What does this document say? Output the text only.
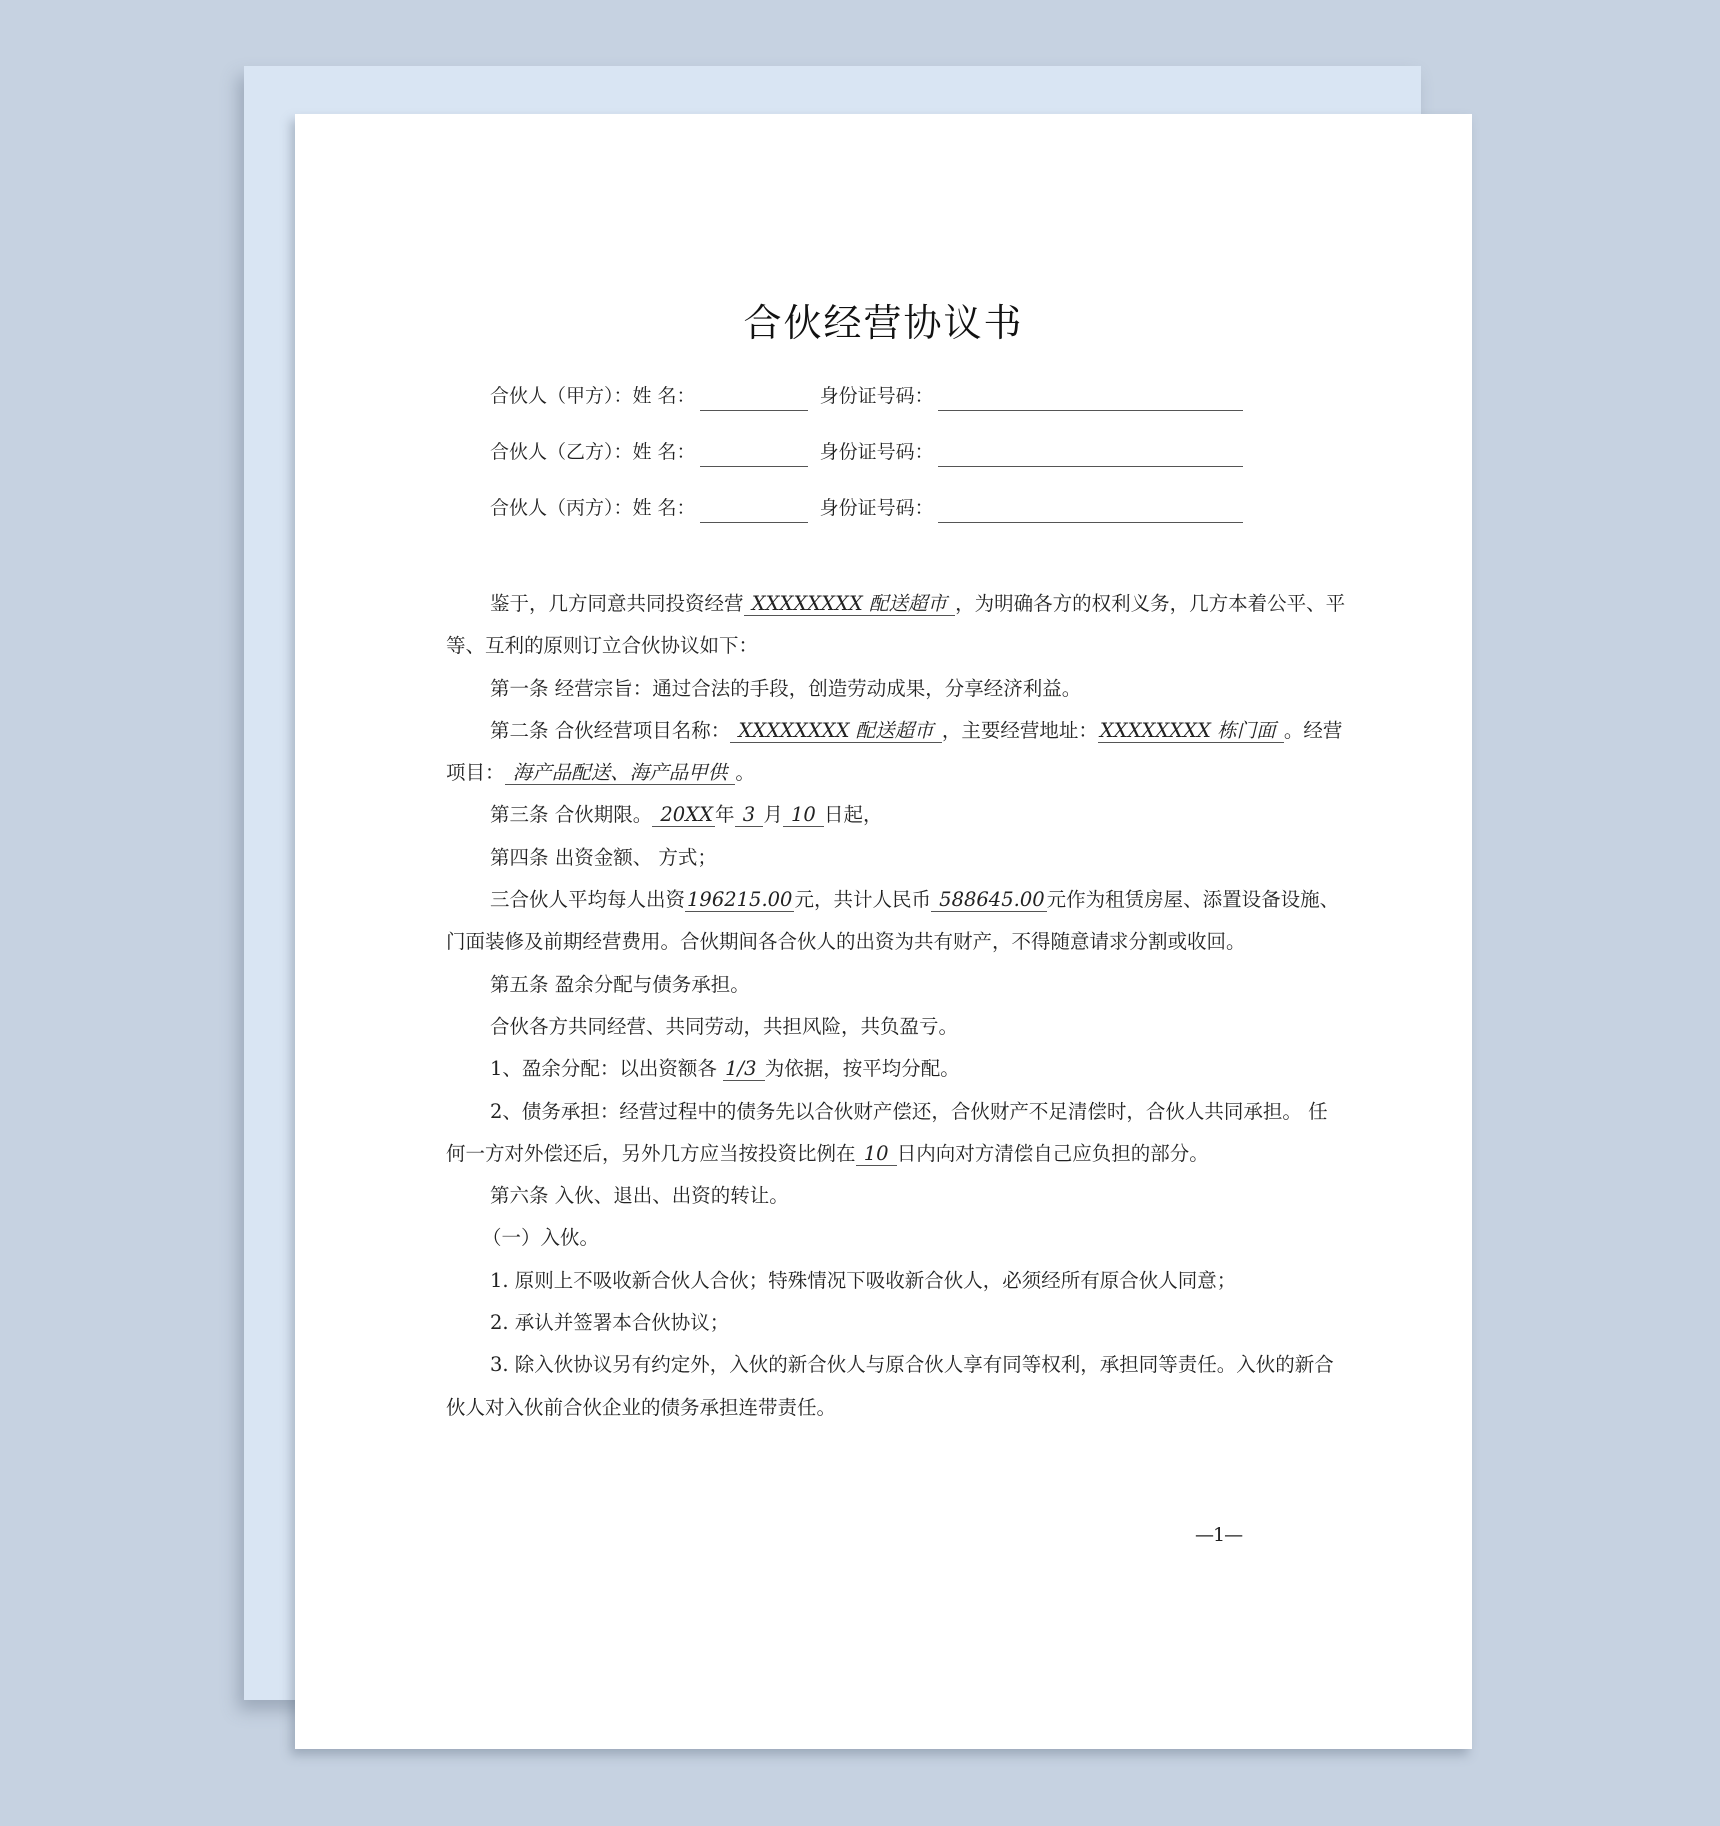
合伙经营协议书
合伙人（甲方）：姓 名：	身份证号码：
合伙人（乙方）：姓 名：	身份证号码：
合伙人（丙方）：姓 名：	身份证号码：

鉴于，几方同意共同投资经营 XXXXXXXX 配送超市 ，为明确各方的权利义务，几方本着公平、平等、互利的原则订立合伙协议如下：

第一条 经营宗旨：通过合法的手段，创造劳动成果，分享经济利益。

第二条 合伙经营项目名称： XXXXXXXX 配送超市 ，主要经营地址： XXXXXXXX 栋门面 。经营项目： 海产品配送、海产品甲供 。

第三条 合伙期限。 20XX 年 3 月 10 日起，

第四条 出资金额、 方式；

三合伙人平均每人出资 196215.00 元，共计人民币 588645.00 元作为租赁房屋、添置设备设施、门面装修及前期经营费用。合伙期间各合伙人的出资为共有财产，不得随意请求分割或收回。

第五条 盈余分配与债务承担。

合伙各方共同经营、共同劳动，共担风险，共负盈亏。

1、盈余分配：以出资额各 1/3 为依据，按平均分配。

2、债务承担：经营过程中的债务先以合伙财产偿还，合伙财产不足清偿时，合伙人共同承担。 任何一方对外偿还后，另外几方应当按投资比例在 10 日内向对方清偿自己应负担的部分。

第六条 入伙、退出、出资的转让。

（一）入伙。

1. 原则上不吸收新合伙人合伙；特殊情况下吸收新合伙人，必须经所有原合伙人同意；

2. 承认并签署本合伙协议；

3. 除入伙协议另有约定外，入伙的新合伙人与原合伙人享有同等权利，承担同等责任。入伙的新合伙人对入伙前合伙企业的债务承担连带责任。

—1—
